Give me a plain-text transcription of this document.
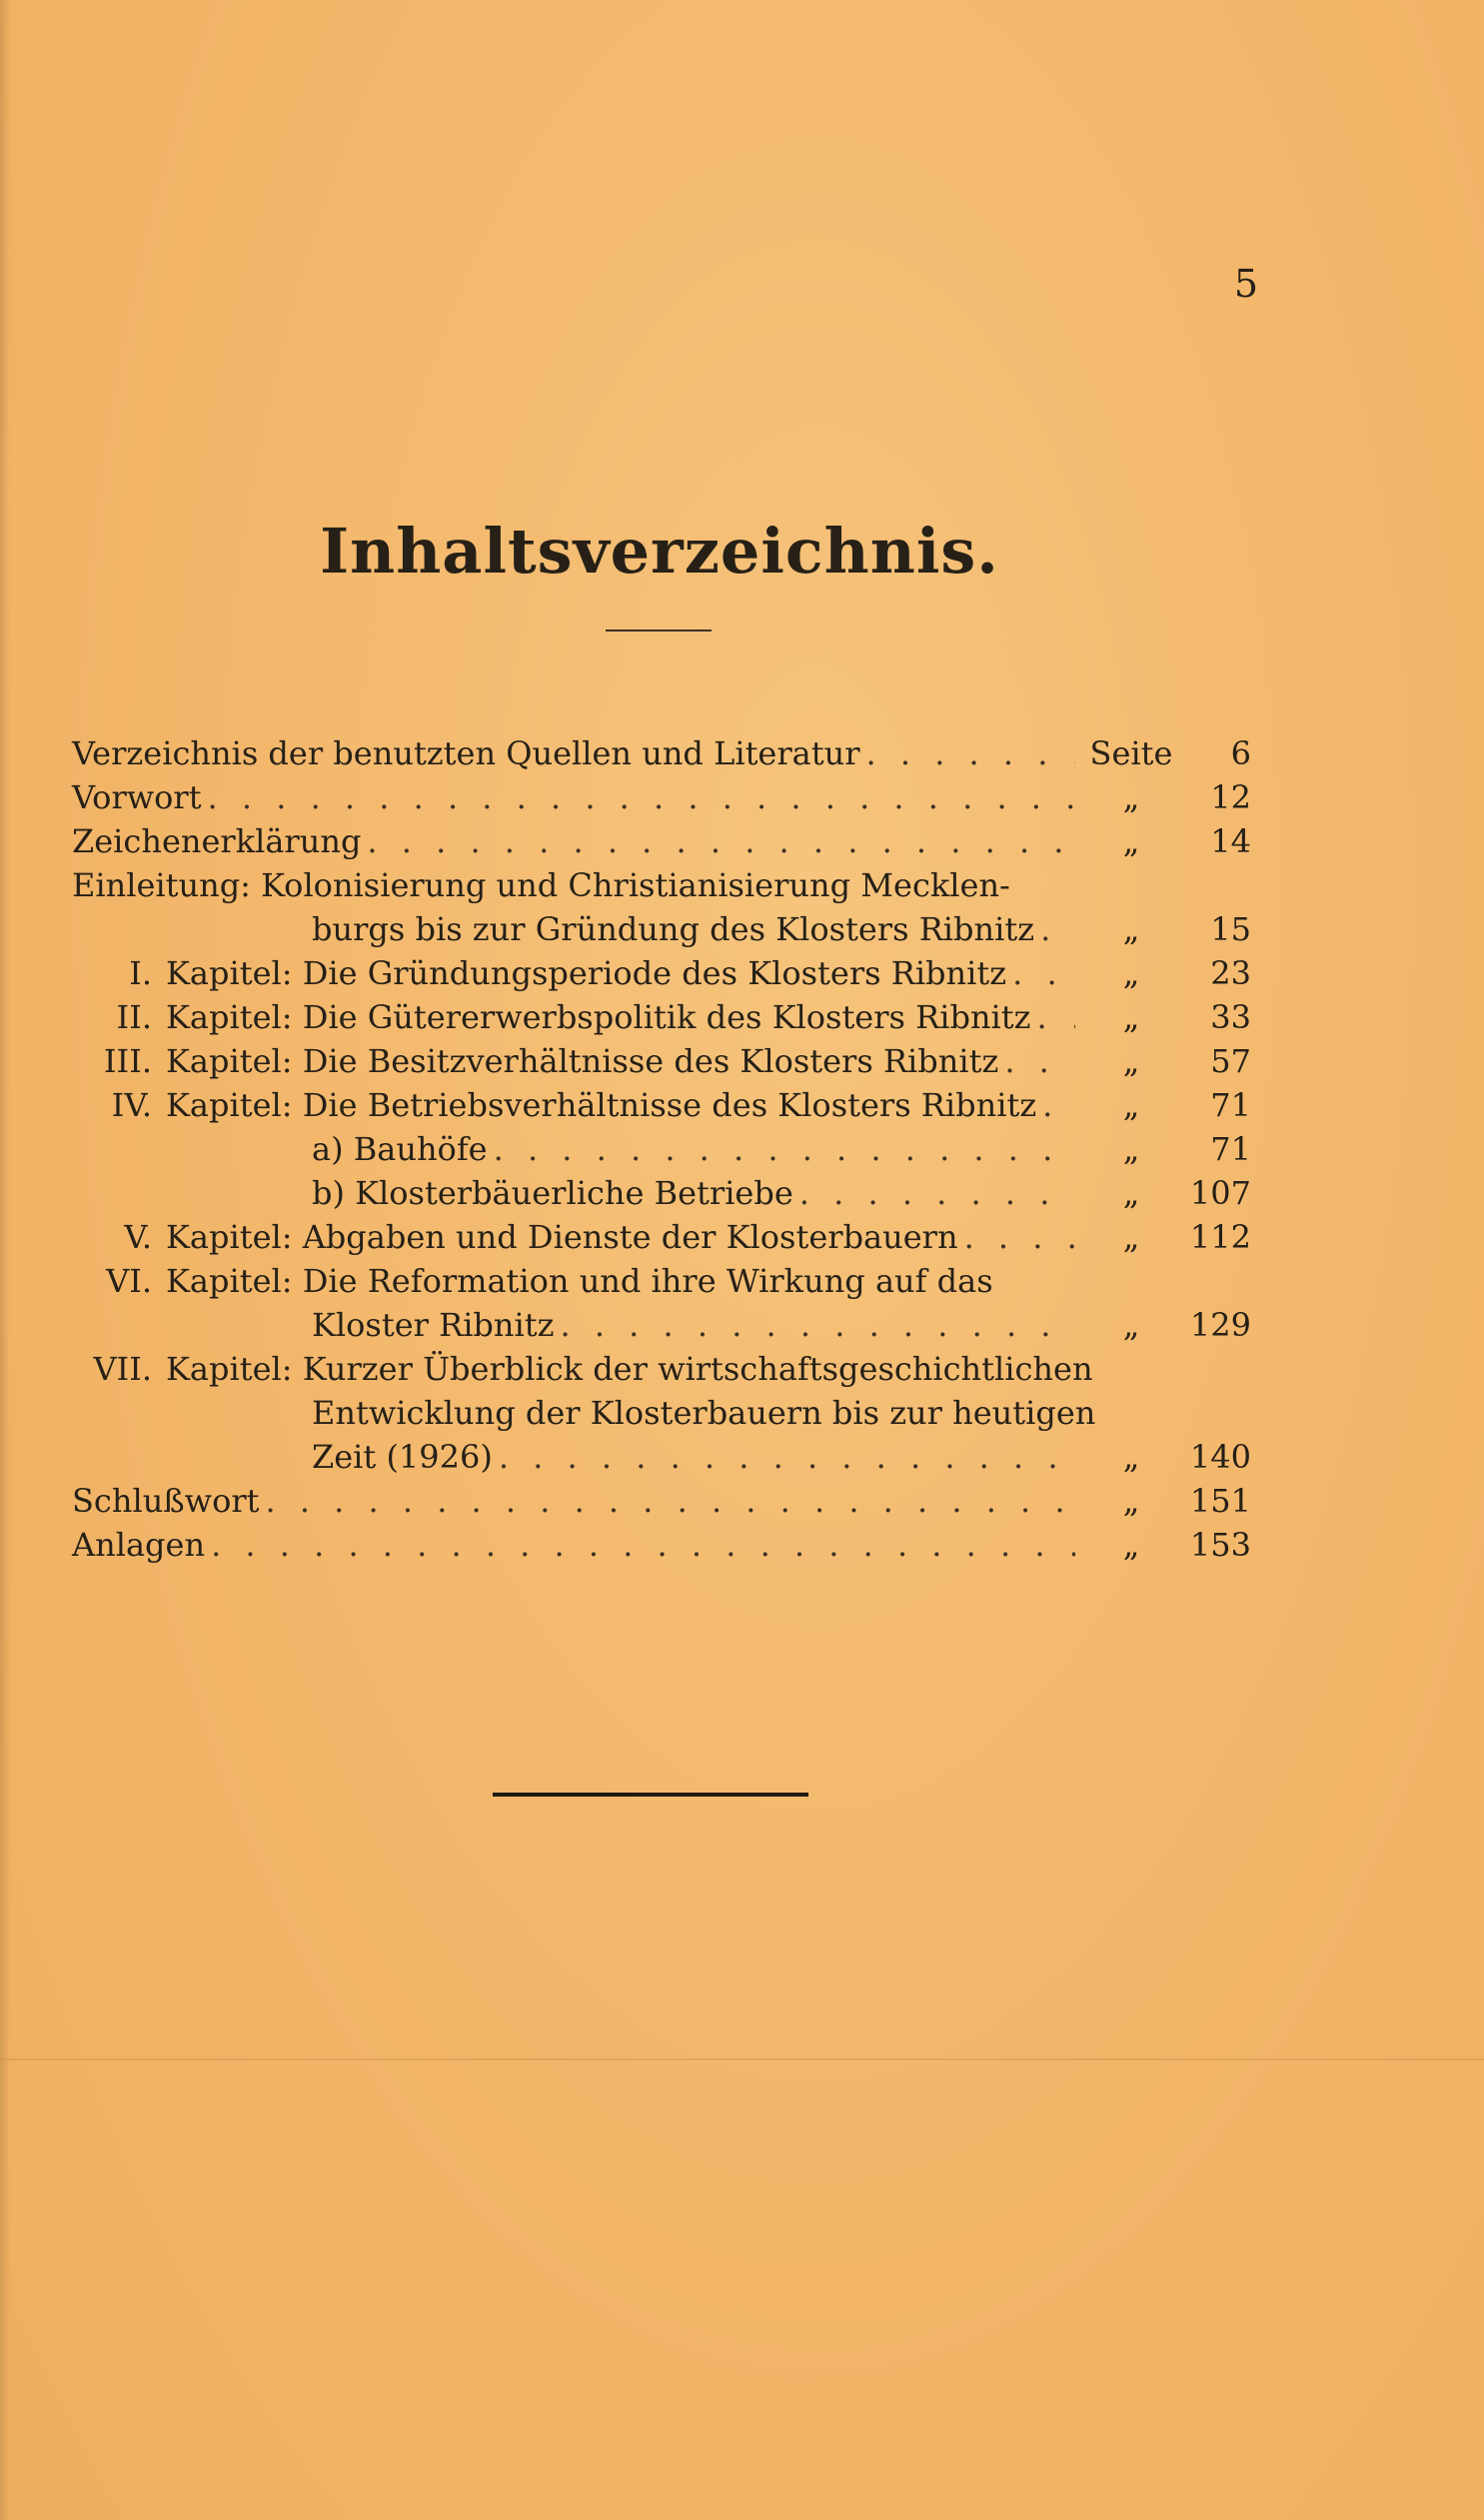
5
Inhaltsverzeichnis.
Verzeichnis der benutzten Quellen und Literatur . . .	Seite	6
Vorwort . . .	„	12
Zeichenerklärung . . .	„	14
Einleitung: Kolonisierung und Christianisierung Mecklen-
burgs bis zur Gründung des Klosters Ribnitz . . .	„	15
I. Kapitel: Die Gründungsperiode des Klosters Ribnitz . . .	„	23
II. Kapitel: Die Gütererwerbspolitik des Klosters Ribnitz . . .	„	33
III. Kapitel: Die Besitzverhältnisse des Klosters Ribnitz . . .	„	57
IV. Kapitel: Die Betriebsverhältnisse des Klosters Ribnitz . . .	„	71
a) Bauhöfe . . .	„	71
b) Klosterbäuerliche Betriebe . . .	„	107
V. Kapitel: Abgaben und Dienste der Klosterbauern . . .	„	112
VI. Kapitel: Die Reformation und ihre Wirkung auf das
Kloster Ribnitz . . .	„	129
VII. Kapitel: Kurzer Überblick der wirtschaftsgeschichtlichen
Entwicklung der Klosterbauern bis zur heutigen
Zeit (1926) . . .	„	140
Schlußwort . . .	„	151
Anlagen . . .	„	153
